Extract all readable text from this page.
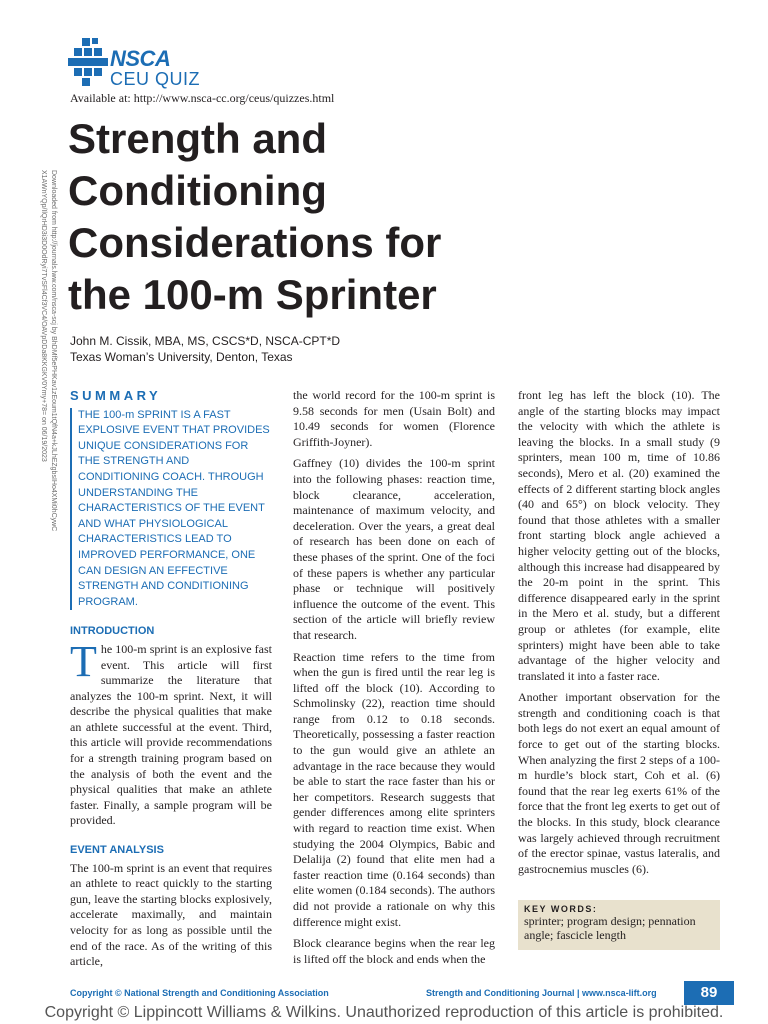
NSCA
CEU QUIZ
Available at: http://www.nsca-cc.org/ceus/quizzes.html
Strength and
Conditioning
Considerations for
the 100-m Sprinter
John M. Cissik, MBA, MS, CSCS*D, NSCA-CPT*D
Texas Woman’s University, Denton, Texas
Downloaded from http://journals.lww.com/nsca-scj by BhDMf5ePHKav1zEoum1tQfN4a+kJLhEZgbsIHo4XMi0hCywC X1AWnYQp/IlQrHD3i3D0OdRyi7TvSFl4Cf3VC4/OAVpDDa8KKGKV0Ymy+78= on 06/19/2023	SUMMARY
THE 100-m SPRINT IS A FAST EXPLOSIVE EVENT THAT PROVIDES UNIQUE CONSIDERATIONS FOR THE STRENGTH AND CONDITIONING COACH. THROUGH UNDERSTANDING THE CHARACTERISTICS OF THE EVENT AND WHAT PHYSIOLOGICAL CHARACTERISTICS LEAD TO IMPROVED PERFORMANCE, ONE CAN DESIGN AN EFFECTIVE STRENGTH AND CONDITIONING PROGRAM.
INTRODUCTION

The 100-m sprint is an explosive fast event. This article will first summarize the literature that analyzes the 100-m sprint. Next, it will describe the physical qualities that make an athlete successful at the event. Third, this article will provide recommendations for a strength training program based on the analysis of both the event and the physical qualities that make an athlete faster. Finally, a sample program will be provided.

EVENT ANALYSIS

The 100-m sprint is an event that requires an athlete to react quickly to the starting gun, leave the starting blocks explosively, accelerate maximally, and maintain velocity for as long as possible until the end of the race. As of the writing of this article,

the world record for the 100-m sprint is 9.58 seconds for men (Usain Bolt) and 10.49 seconds for women (Florence Griffith-Joyner).

Gaffney (10) divides the 100-m sprint into the following phases: reaction time, block clearance, acceleration, maintenance of maximum velocity, and deceleration. Over the years, a great deal of research has been done on each of these phases of the sprint. One of the foci of these papers is whether any particular phase or technique will positively influence the outcome of the event. This section of the article will briefly review that research.

Reaction time refers to the time from when the gun is fired until the rear leg is lifted off the block (10). According to Schmolinsky (22), reaction time should range from 0.12 to 0.18 seconds. Theoretically, possessing a faster reaction to the gun would give an athlete an advantage in the race because they would be able to start the race faster than his or her competitors. Research suggests that gender differences among elite sprinters with regard to reaction time exist. When studying the 2004 Olympics, Babic and Delalija (2) found that elite men had a faster reaction time (0.164 seconds) than elite women (0.184 seconds). The authors did not provide a rationale on why this difference might exist.

Block clearance begins when the rear leg is lifted off the block and ends when the

front leg has left the block (10). The angle of the starting blocks may impact the velocity with which the athlete is leaving the blocks. In a small study (9 sprinters, mean 100 m, time of 10.86 seconds), Mero et al. (20) examined the effects of 2 different starting block angles (40 and 65°) on block velocity. They found that those athletes with a smaller front starting block angle achieved a higher velocity getting out of the blocks, although this increase had disappeared by the 20-m point in the sprint. This difference disappeared early in the sprint in the Mero et al. study, but a different group or athletes (for example, elite sprinters) might have been able to take advantage of the higher velocity and translated it into a faster race.

Another important observation for the strength and conditioning coach is that both legs do not exert an equal amount of force to get out of the starting blocks. When analyzing the first 2 steps of a 100-m hurdle’s block start, Coh et al. (6) found that the rear leg exerts 61% of the force that the front leg exerts to get out of the blocks. In this study, block clearance was largely achieved through recruitment of the erector spinae, vastus lateralis, and gastrocnemius muscles (6).

KEY WORDS:
sprinter; program design; pennation angle; fascicle length
Copyright © National Strength and Conditioning Association	Strength and Conditioning Journal | www.nsca-lift.org	89
Copyright © Lippincott Williams & Wilkins. Unauthorized reproduction of this article is prohibited.
